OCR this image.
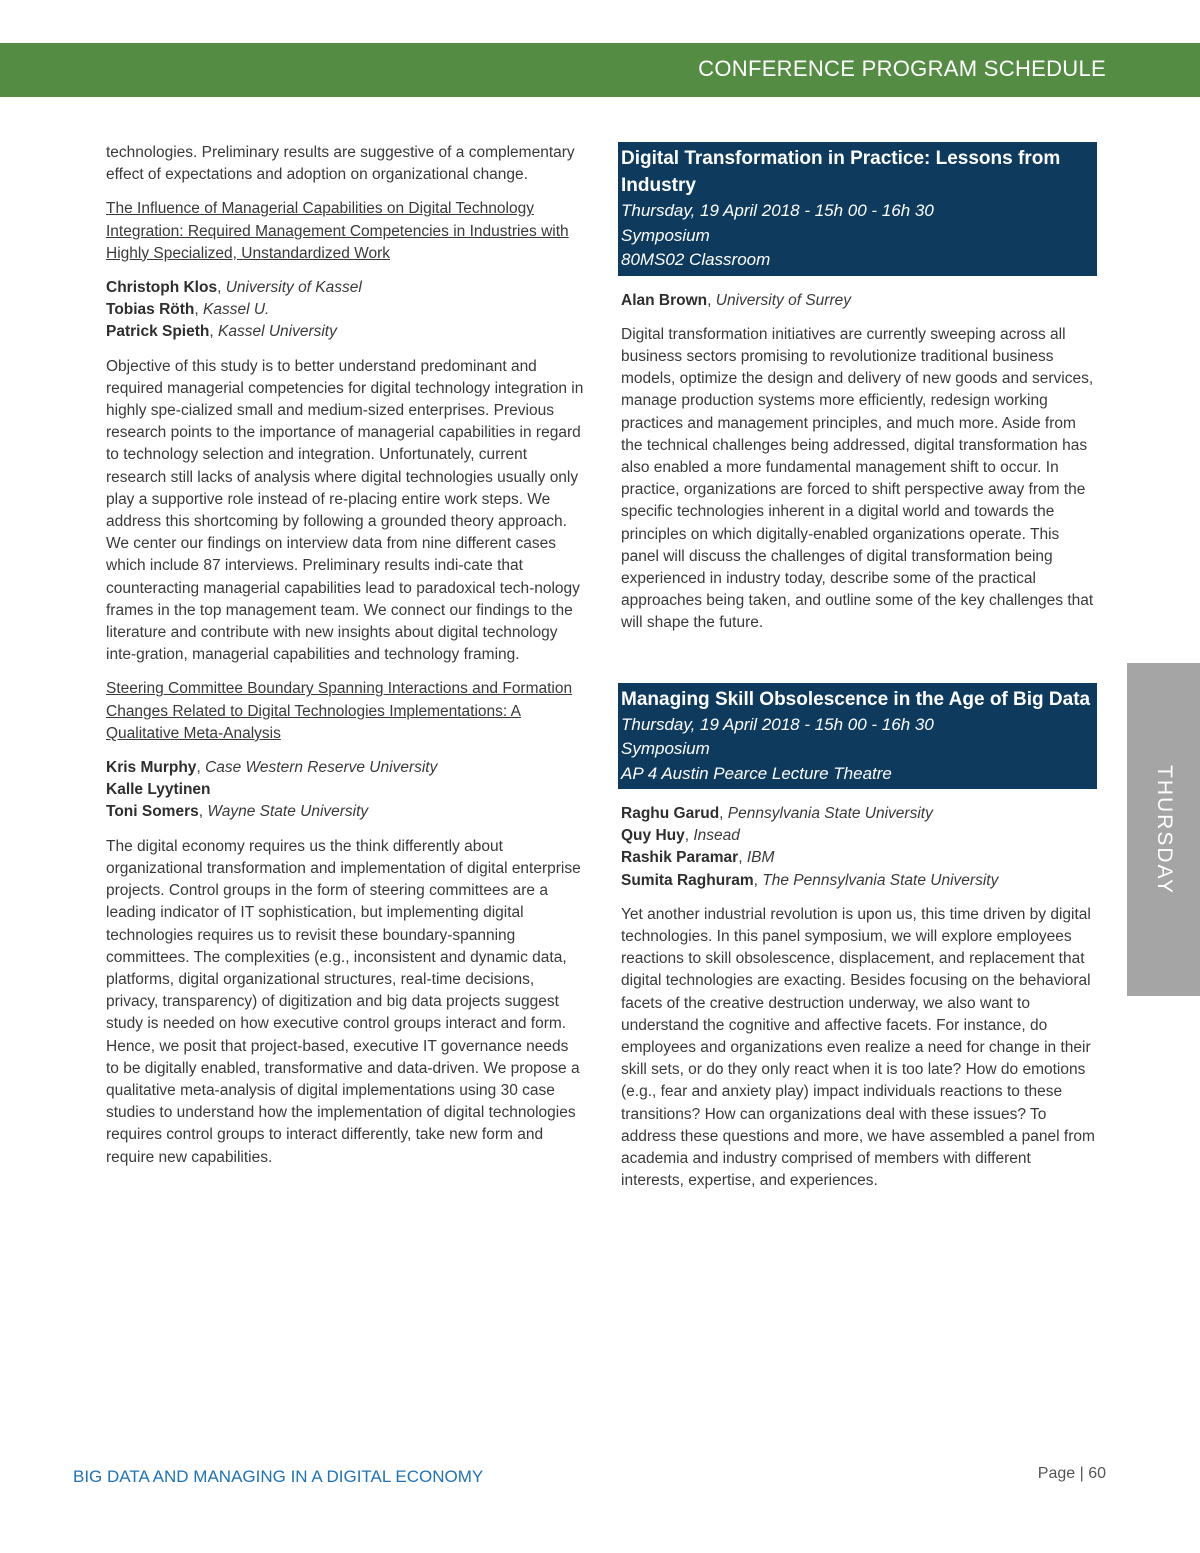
CONFERENCE PROGRAM SCHEDULE

technologies. Preliminary results are suggestive of a complementary effect of expectations and adoption on organizational change.

The Influence of Managerial Capabilities on Digital Technology Integration: Required Management Competencies in Industries with Highly Specialized, Unstandardized Work
Christoph Klos, University of Kassel
Tobias Röth, Kassel U.
Patrick Spieth, Kassel University

Objective of this study is to better understand predominant and required managerial competencies for digital technology integration in highly spe-cialized small and medium-sized enterprises. Previous research points to the importance of managerial capabilities in regard to technology selection and integration. Unfortunately, current research still lacks of analysis where digital technologies usually only play a supportive role instead of re-placing entire work steps. We address this shortcoming by following a grounded theory approach. We center our findings on interview data from nine different cases which include 87 interviews. Preliminary results indi-cate that counteracting managerial capabilities lead to paradoxical tech-nology frames in the top management team. We connect our findings to the literature and contribute with new insights about digital technology inte-gration, managerial capabilities and technology framing.

Steering Committee Boundary Spanning Interactions and Formation Changes Related to Digital Technologies Implementations: A Qualitative Meta-Analysis
Kris Murphy, Case Western Reserve University
Kalle Lyytinen
Toni Somers, Wayne State University

The digital economy requires us the think differently about organizational transformation and implementation of digital enterprise projects. Control groups in the form of steering committees are a leading indicator of IT sophistication, but implementing digital technologies requires us to revisit these boundary-spanning committees. The complexities (e.g., inconsistent and dynamic data, platforms, digital organizational structures, real-time decisions, privacy, transparency) of digitization and big data projects suggest study is needed on how executive control groups interact and form. Hence, we posit that project-based, executive IT governance needs to be digitally enabled, transformative and data-driven. We propose a qualitative meta-analysis of digital implementations using 30 case studies to understand how the implementation of digital technologies requires control groups to interact differently, take new form and require new capabilities.

Digital Transformation in Practice: Lessons from Industry
Thursday, 19 April 2018 - 15h 00 - 16h 30
Symposium
80MS02 Classroom
Alan Brown, University of Surrey

Digital transformation initiatives are currently sweeping across all business sectors promising to revolutionize traditional business models, optimize the design and delivery of new goods and services, manage production systems more efficiently, redesign working practices and management principles, and much more. Aside from the technical challenges being addressed, digital transformation has also enabled a more fundamental management shift to occur. In practice, organizations are forced to shift perspective away from the specific technologies inherent in a digital world and towards the principles on which digitally-enabled organizations operate. This panel will discuss the challenges of digital transformation being experienced in industry today, describe some of the practical approaches being taken, and outline some of the key challenges that will shape the future.

Managing Skill Obsolescence in the Age of Big Data
Thursday, 19 April 2018 - 15h 00 - 16h 30
Symposium
AP 4 Austin Pearce Lecture Theatre
Raghu Garud, Pennsylvania State University
Quy Huy, Insead
Rashik Paramar, IBM
Sumita Raghuram, The Pennsylvania State University

Yet another industrial revolution is upon us, this time driven by digital technologies. In this panel symposium, we will explore employees reactions to skill obsolescence, displacement, and replacement that digital technologies are exacting. Besides focusing on the behavioral facets of the creative destruction underway, we also want to understand the cognitive and affective facets. For instance, do employees and organizations even realize a need for change in their skill sets, or do they only react when it is too late? How do emotions (e.g., fear and anxiety play) impact individuals reactions to these transitions? How can organizations deal with these issues? To address these questions and more, we have assembled a panel from academia and industry comprised of members with different interests, expertise, and experiences.

THURSDAY
BIG DATA AND MANAGING IN A DIGITAL ECONOMY	Page | 60
